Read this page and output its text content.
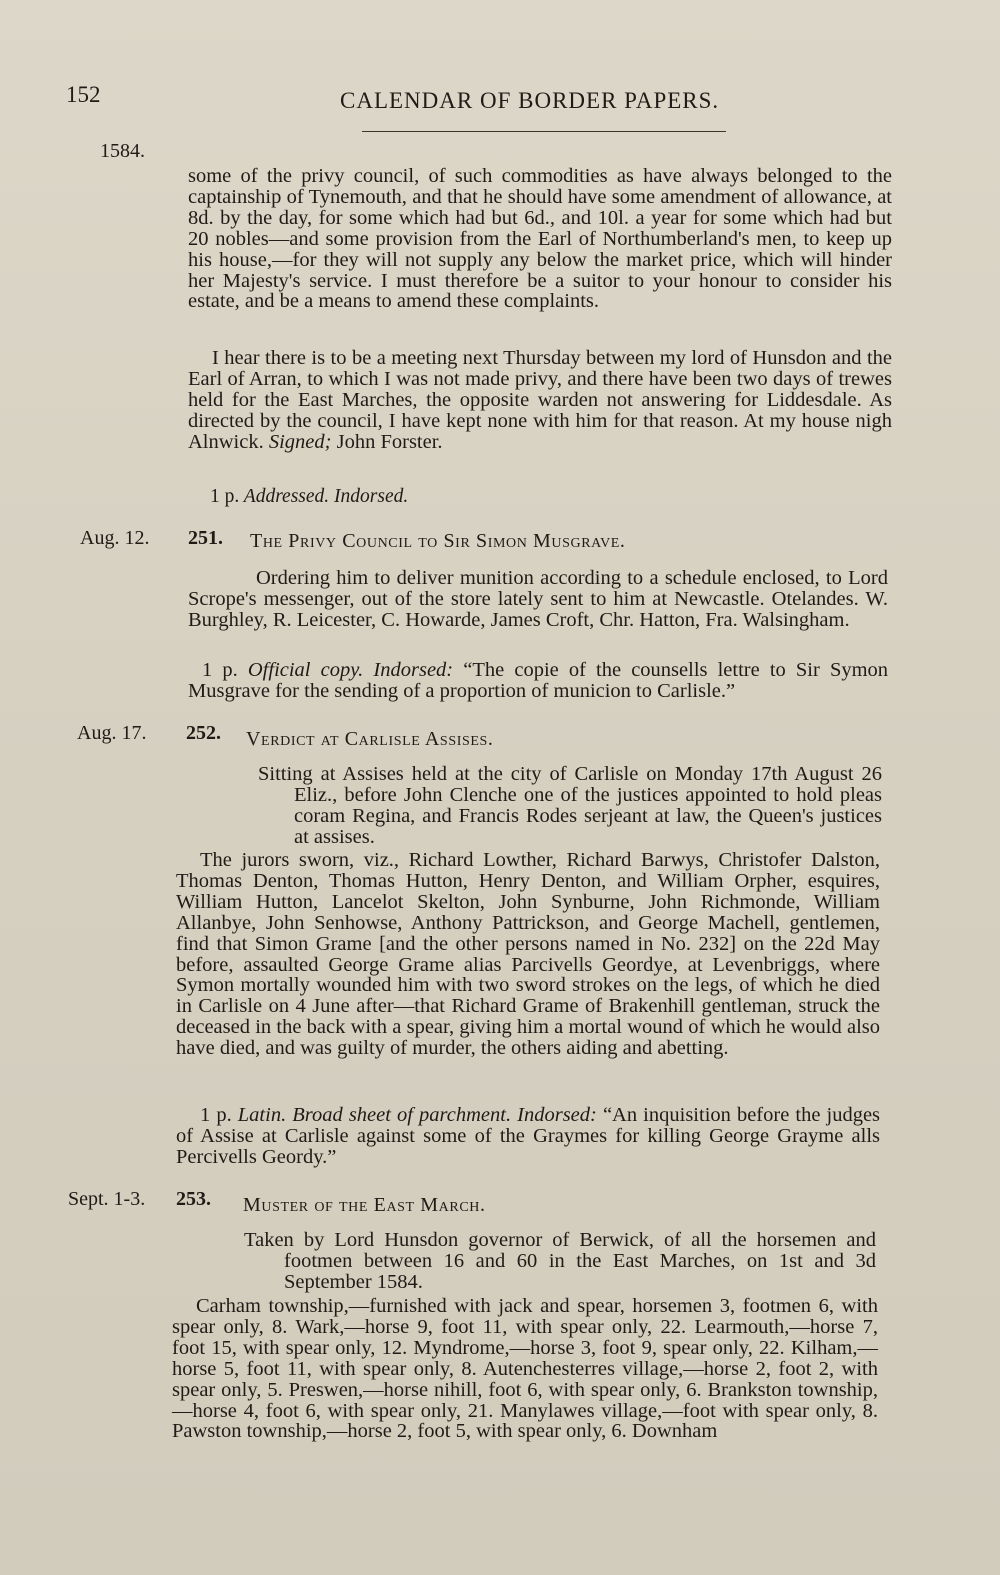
152	CALENDAR OF BORDER PAPERS.
1584.

some of the privy council, of such commodities as have always belonged to the captainship of Tynemouth, and that he should have some amendment of allowance, at 8d. by the day, for some which had but 6d., and 10l. a year for some which had but 20 nobles—and some provision from the Earl of Northumberland's men, to keep up his house,—for they will not supply any below the market price, which will hinder her Majesty's service. I must therefore be a suitor to your honour to consider his estate, and be a means to amend these complaints.

I hear there is to be a meeting next Thursday between my lord of Hunsdon and the Earl of Arran, to which I was not made privy, and there have been two days of trewes held for the East Marches, the opposite warden not answering for Liddesdale. As directed by the council, I have kept none with him for that reason. At my house nigh Alnwick. Signed; John Forster.

1 p. Addressed. Indorsed.
Aug. 12. 251. The Privy Council to Sir Simon Musgrave.

Ordering him to deliver munition according to a schedule enclosed, to Lord Scrope's messenger, out of the store lately sent to him at Newcastle. Otelandes. W. Burghley, R. Leicester, C. Howarde, James Croft, Chr. Hatton, Fra. Walsingham.

1 p. Official copy. Indorsed: “The copie of the counsells lettre to Sir Symon Musgrave for the sending of a proportion of municion to Carlisle.”

Aug. 17. 252. Verdict at Carlisle Assises.

Sitting at Assises held at the city of Carlisle on Monday 17th August 26 Eliz., before John Clenche one of the justices appointed to hold pleas coram Regina, and Francis Rodes serjeant at law, the Queen's justices at assises.

The jurors sworn, viz., Richard Lowther, Richard Barwys, Christofer Dalston, Thomas Denton, Thomas Hutton, Henry Denton, and William Orpher, esquires, William Hutton, Lancelot Skelton, John Synburne, John Richmonde, William Allanbye, John Senhowse, Anthony Pattrickson, and George Machell, gentlemen, find that Simon Grame [and the other persons named in No. 232] on the 22d May before, assaulted George Grame alias Parcivells Geordye, at Levenbriggs, where Symon mortally wounded him with two sword strokes on the legs, of which he died in Carlisle on 4 June after—that Richard Grame of Brakenhill gentleman, struck the deceased in the back with a spear, giving him a mortal wound of which he would also have died, and was guilty of murder, the others aiding and abetting.

1 p. Latin. Broad sheet of parchment. Indorsed: “An inquisition before the judges of Assise at Carlisle against some of the Graymes for killing George Grayme alls Percivells Geordy.”

Sept. 1-3. 253. Muster of the East March.

Taken by Lord Hunsdon governor of Berwick, of all the horsemen and footmen between 16 and 60 in the East Marches, on 1st and 3d September 1584.

Carham township,—furnished with jack and spear, horsemen 3, footmen 6, with spear only, 8. Wark,—horse 9, foot 11, with spear only, 22. Learmouth,—horse 7, foot 15, with spear only, 12. Myndrome,—horse 3, foot 9, spear only, 22. Kilham,—horse 5, foot 11, with spear only, 8. Autenchesterres village,—horse 2, foot 2, with spear only, 5. Preswen,—horse nihill, foot 6, with spear only, 6. Brankston township,—horse 4, foot 6, with spear only, 21. Manylawes village,—foot with spear only, 8. Pawston township,—horse 2, foot 5, with spear only, 6. Downham
